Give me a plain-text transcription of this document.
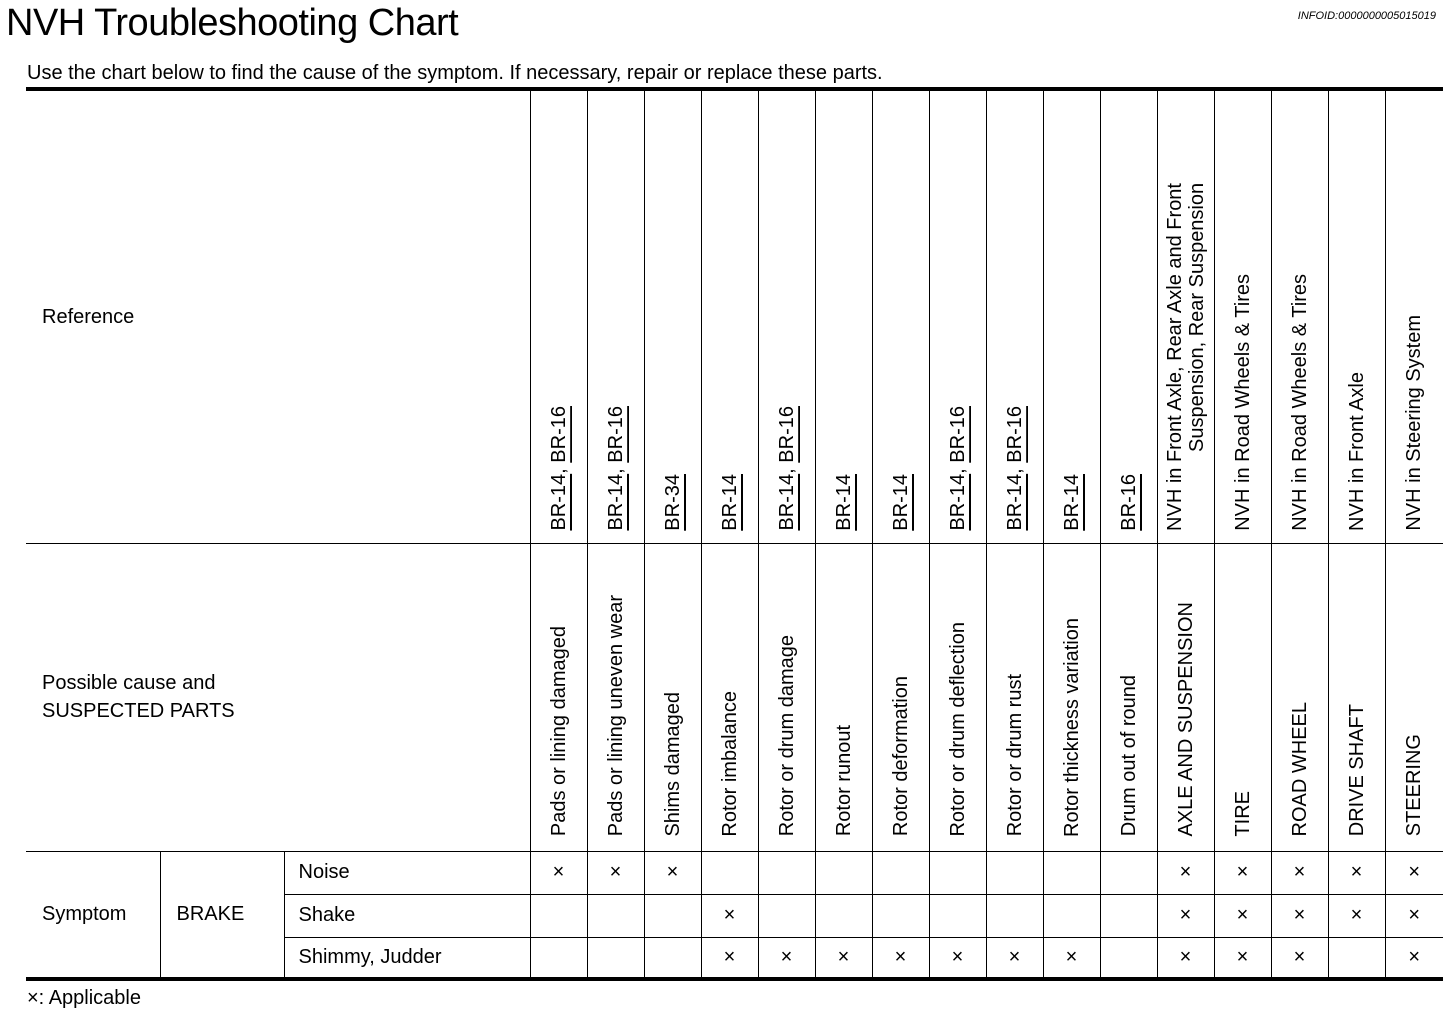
NVH Troubleshooting Chart	INFOID:0000000005015019
Use the chart below to find the cause of the symptom. If necessary, repair or replace these parts.
Reference			BR-14, BR-16	BR-14, BR-16	BR-34	BR-14	BR-14, BR-16	BR-14	BR-14	BR-14, BR-16	BR-14, BR-16	BR-14	BR-16	NVH in Front Axle, Rear Axle and Front Suspension, Rear Suspension	NVH in Road Wheels & Tires	NVH in Road Wheels & Tires	NVH in Front Axle	NVH in Steering System

Possible cause and
SUSPECTED PARTS			Pads or lining damaged	Pads or lining uneven wear	Shims damaged	Rotor imbalance	Rotor or drum damage	Rotor runout	Rotor deformation	Rotor or drum deflection	Rotor or drum rust	Rotor thickness variation	Drum out of round	AXLE AND SUSPENSION	TIRE	ROAD WHEEL	DRIVE SHAFT	STEERING

Symptom	BRAKE	Noise	×	×	×									×	×	×	×	×
		Shake				×								×	×	×	×	×
		Shimmy, Judder				×	×	×	×	×	×	×		×	×	×		×
×: Applicable
